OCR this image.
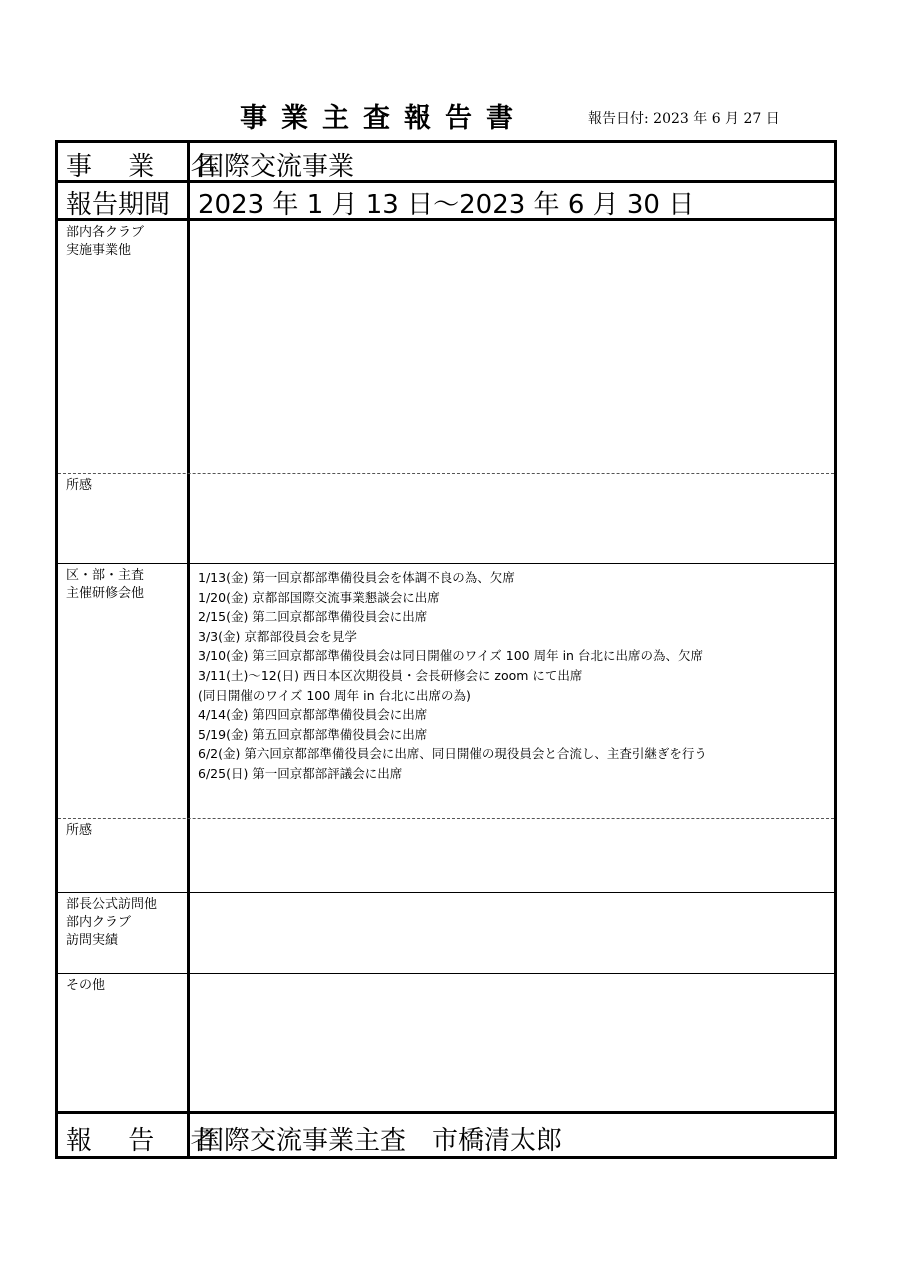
事業主査報告書	報告日付: 2023 年 6 月 27 日
事 業 名
国際交流事業
報告期間 2023 年 1 月 13 日～2023 年 6 月 30 日
部内各クラブ
実施事業他
所感
区・部・主査
主催研修会他
1/13(金) 第一回京都部準備役員会を体調不良の為、欠席
1/20(金) 京都部国際交流事業懇談会に出席
2/15(金) 第二回京都部準備役員会に出席
3/3(金) 京都部役員会を見学
3/10(金) 第三回京都部準備役員会は同日開催のワイズ 100 周年 in 台北に出席の為、欠席
3/11(土)～12(日) 西日本区次期役員・会長研修会に zoom にて出席
(同日開催のワイズ 100 周年 in 台北に出席の為)
4/14(金) 第四回京都部準備役員会に出席
5/19(金) 第五回京都部準備役員会に出席
6/2(金) 第六回京都部準備役員会に出席、同日開催の現役員会と合流し、主査引継ぎを行う
6/25(日) 第一回京都部評議会に出席
所感
部長公式訪問他
部内クラブ
訪問実績
その他
報 告 者
国際交流事業主査　市橋清太郎
